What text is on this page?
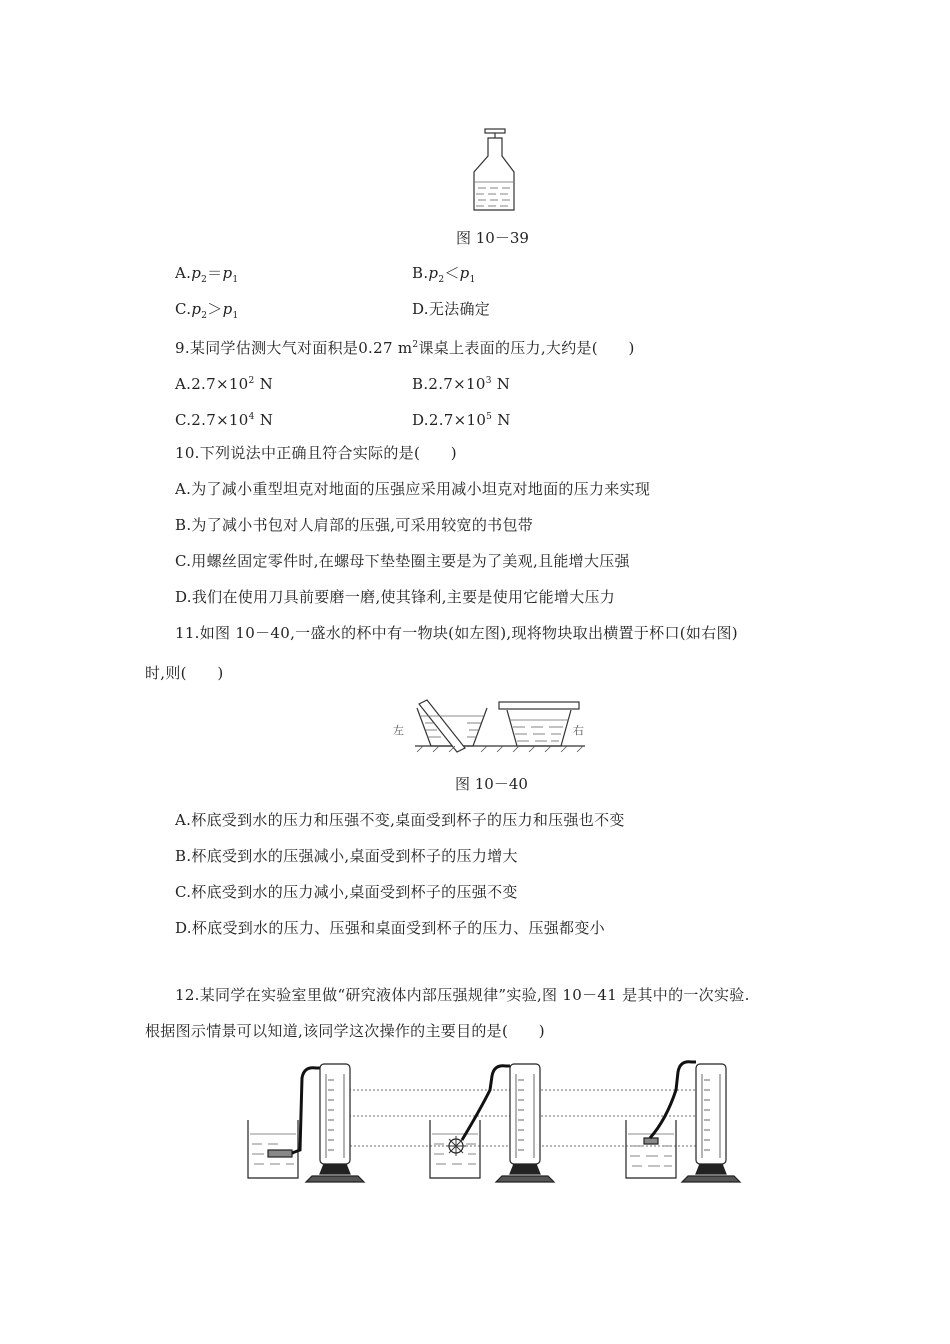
图 10－39
$A.p_2=p_1$	$B.p_2<p_1$
$C.p_2>p_1$	D.无法确定
9.某同学估测大气对面积是0.27 $m^2$课桌上表面的压力,大约是(　　)
$A.2.7\times 10^2$ N	$B.2.7\times 10^3$ N
$C.2.7\times 10^4$ N	$D.2.7\times 10^5$ N
10.下列说法中正确且符合实际的是(　　)
A.为了减小重型坦克对地面的压强应采用减小坦克对地面的压力来实现
B.为了减小书包对人肩部的压强,可采用较宽的书包带
C.用螺丝固定零件时,在螺母下垫垫圈主要是为了美观,且能增大压强
D.我们在使用刀具前要磨一磨,使其锋利,主要是使用它能增大压力
11.如图 10－40,一盛水的杯中有一物块(如左图),现将物块取出横置于杯口(如右图)
时,则(　　)
左	右
图 10－40
A.杯底受到水的压力和压强不变,桌面受到杯子的压力和压强也不变
B.杯底受到水的压强减小,桌面受到杯子的压力增大
C.杯底受到水的压力减小,桌面受到杯子的压强不变
D.杯底受到水的压力、压强和桌面受到杯子的压力、压强都变小
12.某同学在实验室里做“研究液体内部压强规律”实验,图 10－41 是其中的一次实验.
根据图示情景可以知道,该同学这次操作的主要目的是(　　)
